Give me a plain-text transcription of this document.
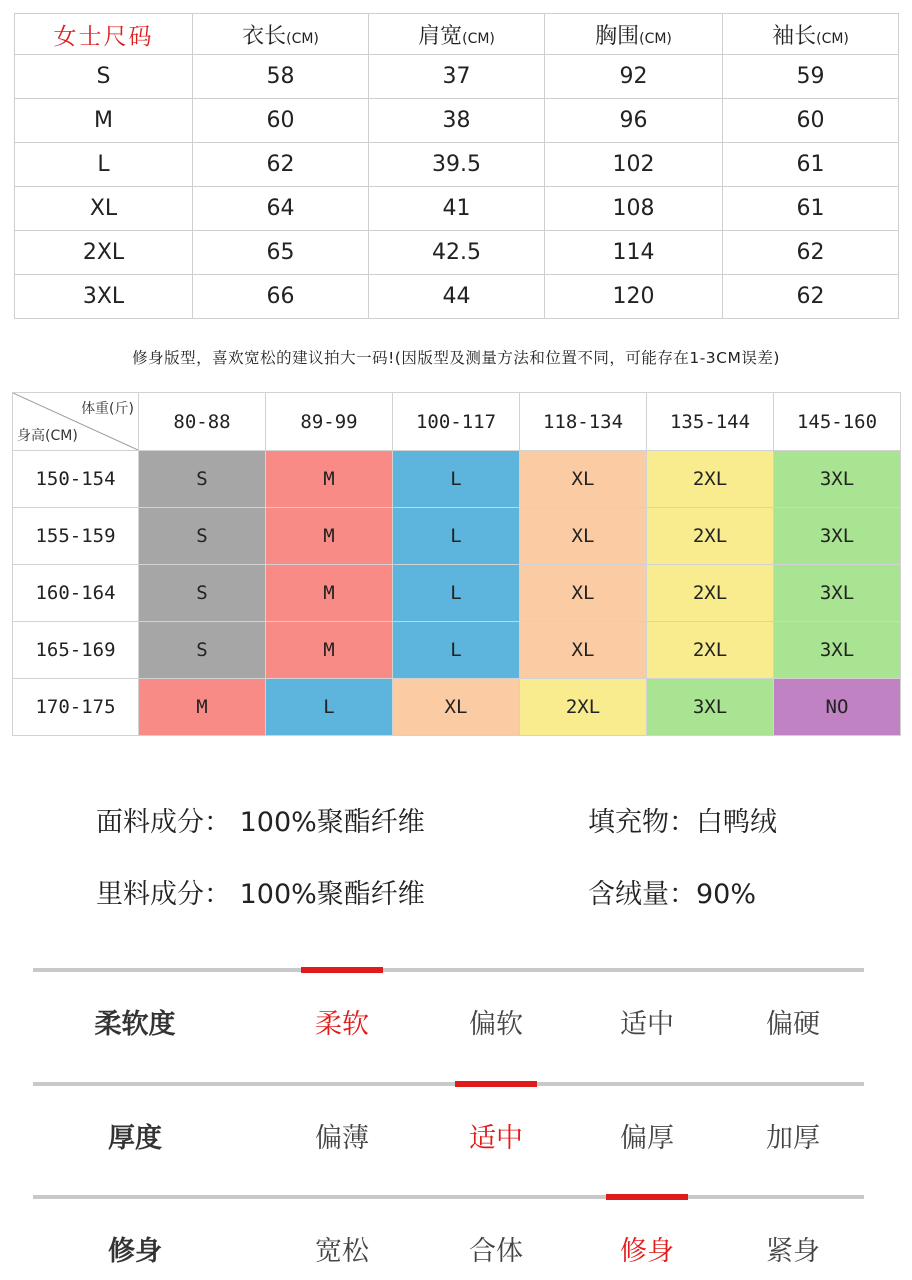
女士尺码	衣长(CM)	肩宽(CM)	胸围(CM)	袖长(CM)
S	58	37	92	59
M	60	38	96	60
L	62	39.5	102	61
XL	64	41	108	61
2XL	65	42.5	114	62
3XL	66	44	120	62
修身版型，喜欢宽松的建议拍大一码!(因版型及测量方法和位置不同，可能存在1-3CM误差)
体重(斤)
身高(CM)	80-88	89-99	100-117	118-134	135-144	145-160
150-154	S	M	L	XL	2XL	3XL
155-159	S	M	L	XL	2XL	3XL
160-164	S	M	L	XL	2XL	3XL
165-169	S	M	L	XL	2XL	3XL
170-175	M	L	XL	2XL	3XL	NO
面料成分： 100%聚酯纤维	填充物：白鸭绒
里料成分： 100%聚酯纤维	含绒量：90%
柔软度	柔软	偏软	适中	偏硬
厚度	偏薄	适中	偏厚	加厚
修身	宽松	合体	修身	紧身
